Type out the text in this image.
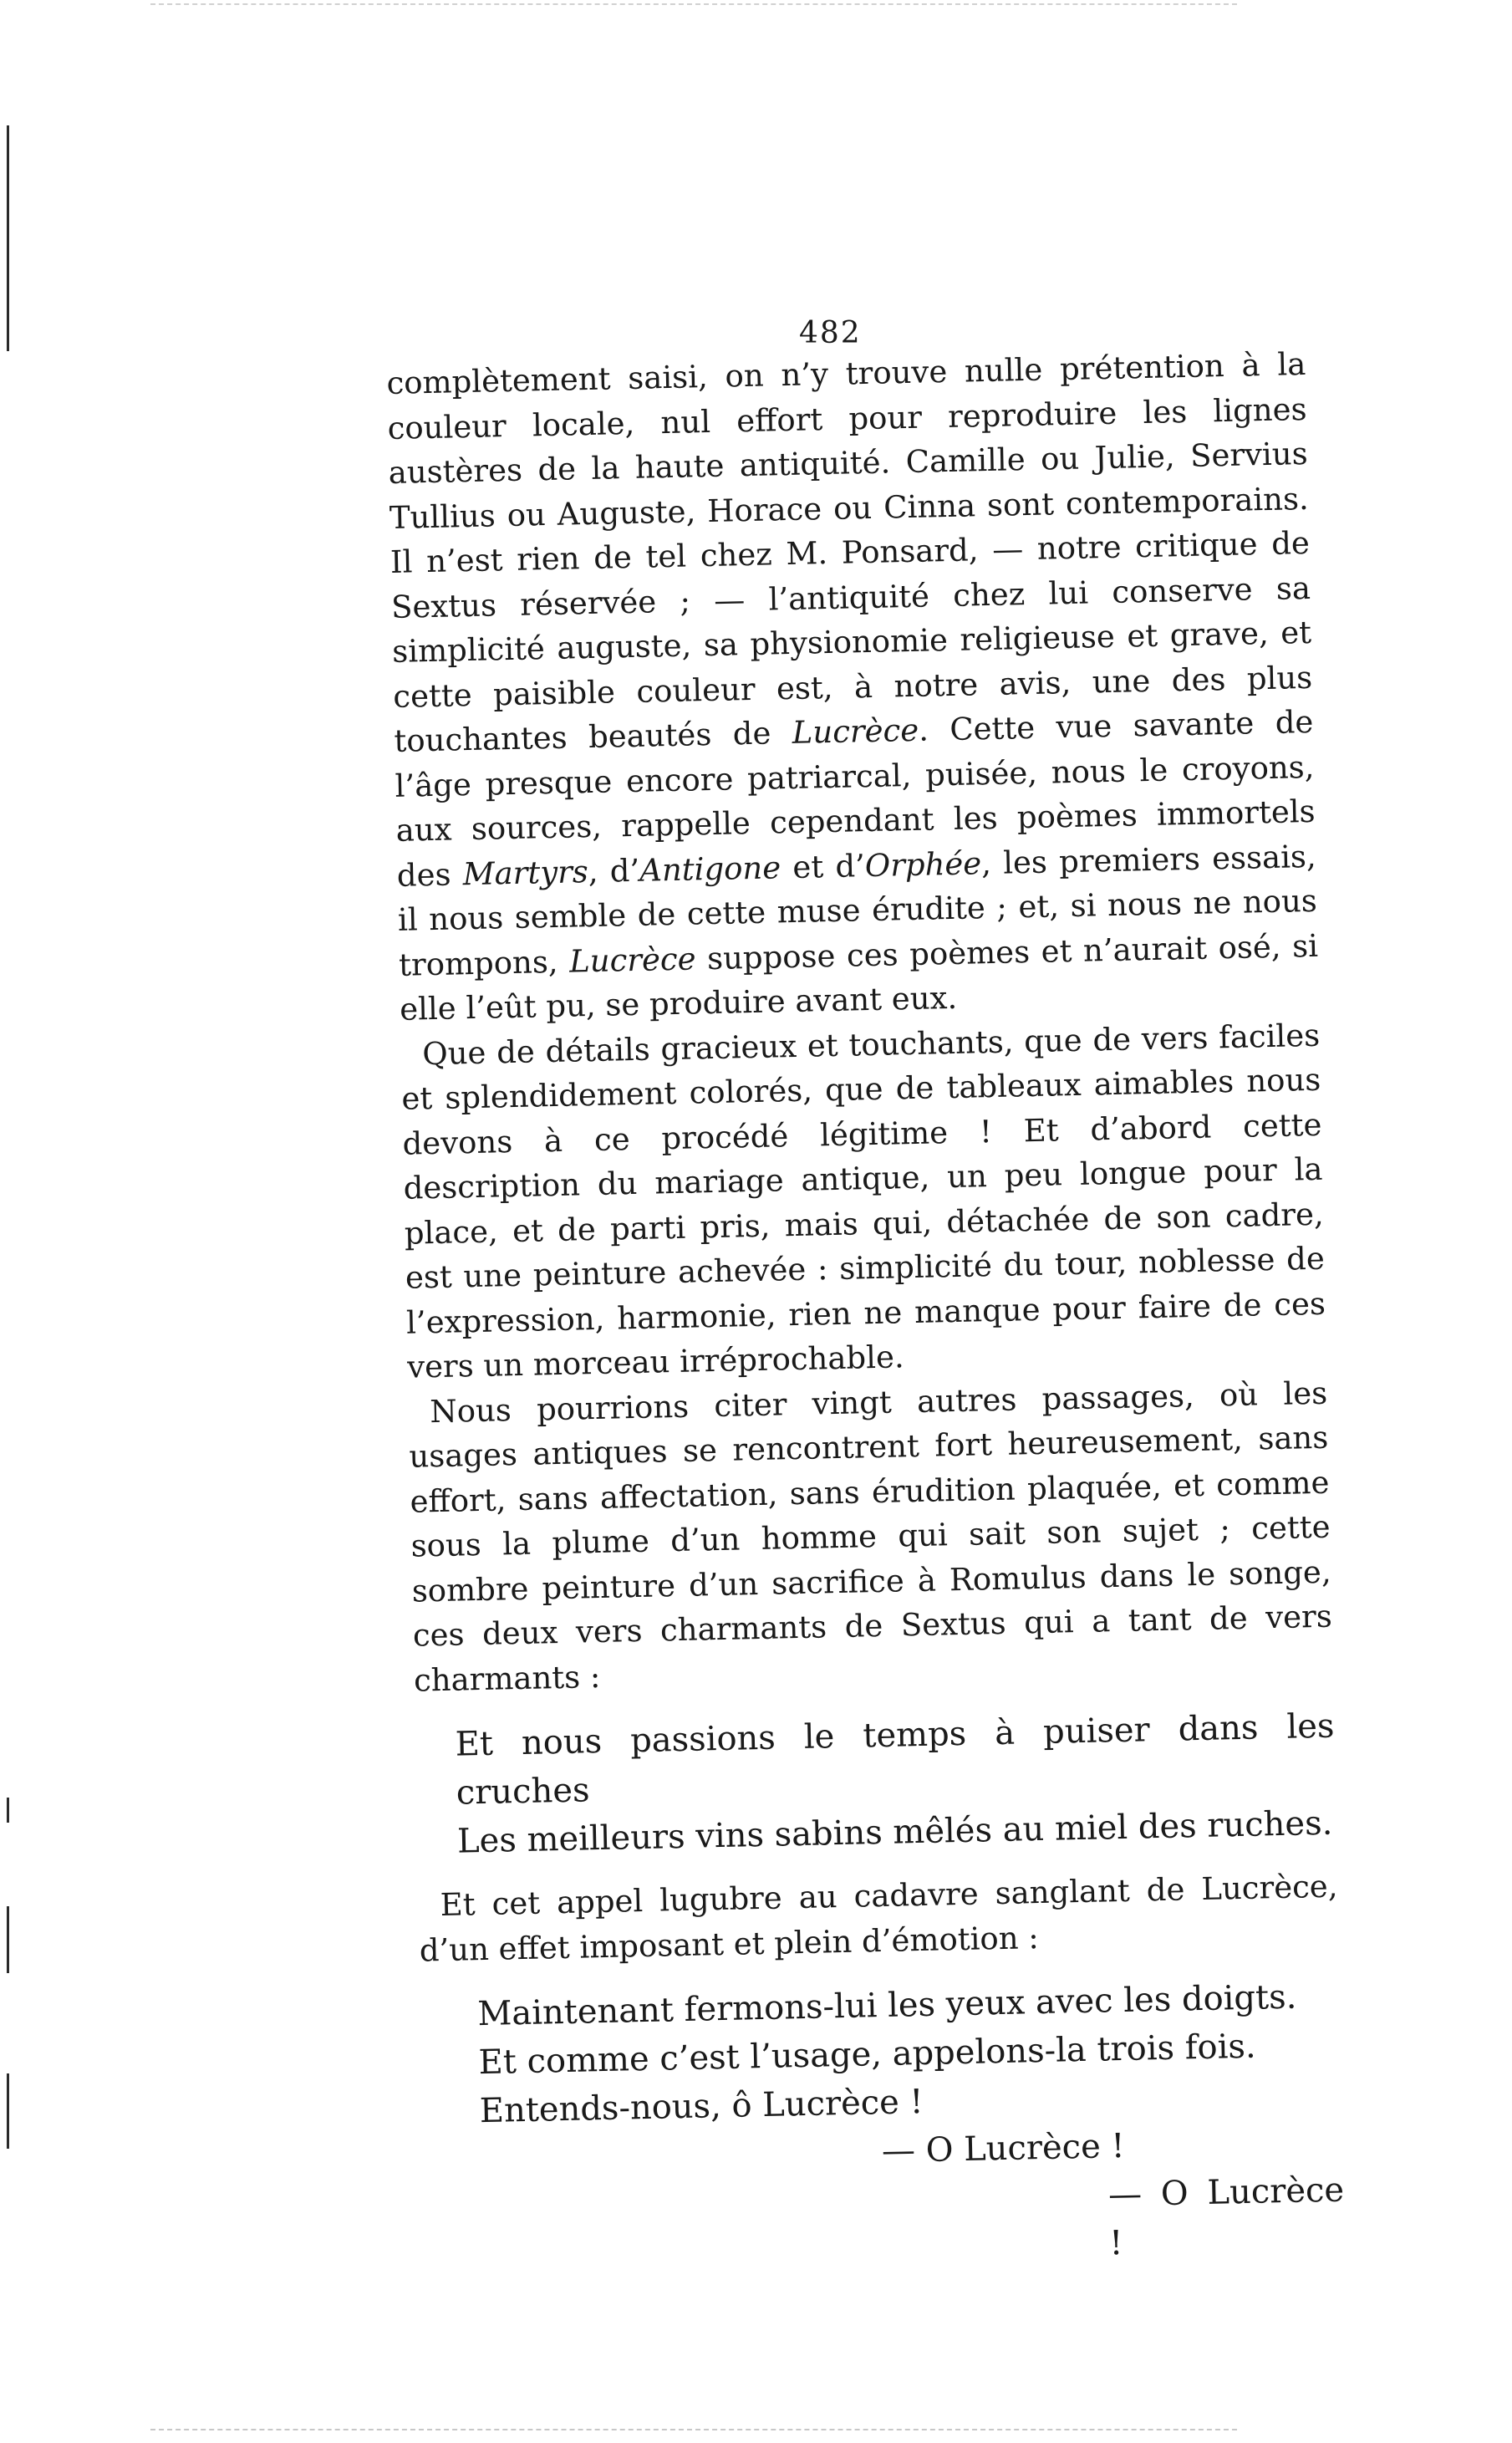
482

complètement saisi, on n’y trouve nulle prétention à la couleur locale, nul effort pour reproduire les lignes austères de la haute antiquité. Camille ou Julie, Servius Tullius ou Auguste, Horace ou Cinna sont contemporains. Il n’est rien de tel chez M. Ponsard, — notre critique de Sextus réservée ; — l’antiquité chez lui conserve sa simplicité auguste, sa physionomie religieuse et grave, et cette paisible couleur est, à notre avis, une des plus touchantes beautés de Lucrèce. Cette vue savante de l’âge presque encore patriarcal, puisée, nous le croyons, aux sources, rappelle cependant les poèmes immortels des Martyrs, d’Antigone et d’Orphée, les premiers essais, il nous semble de cette muse érudite ; et, si nous ne nous trompons, Lucrèce suppose ces poèmes et n’aurait osé, si elle l’eût pu, se produire avant eux.

Que de détails gracieux et touchants, que de vers faciles et splendidement colorés, que de tableaux aimables nous devons à ce procédé légitime ! Et d’abord cette description du mariage antique, un peu longue pour la place, et de parti pris, mais qui, détachée de son cadre, est une peinture achevée : simplicité du tour, noblesse de l’expression, harmonie, rien ne manque pour faire de ces vers un morceau irréprochable.

Nous pourrions citer vingt autres passages, où les usages antiques se rencontrent fort heureusement, sans effort, sans affectation, sans érudition plaquée, et comme sous la plume d’un homme qui sait son sujet ; cette sombre peinture d’un sacrifice à Romulus dans le songe, ces deux vers charmants de Sextus qui a tant de vers charmants :

Et nous passions le temps à puiser dans les cruches
Les meilleurs vins sabins mêlés au miel des ruches.

Et cet appel lugubre au cadavre sanglant de Lucrèce, d’un effet imposant et plein d’émotion :

Maintenant fermons-lui les yeux avec les doigts.
Et comme c’est l’usage, appelons-la trois fois.
Entends-nous, ô Lucrèce !
— O Lucrèce !
— O Lucrèce !
